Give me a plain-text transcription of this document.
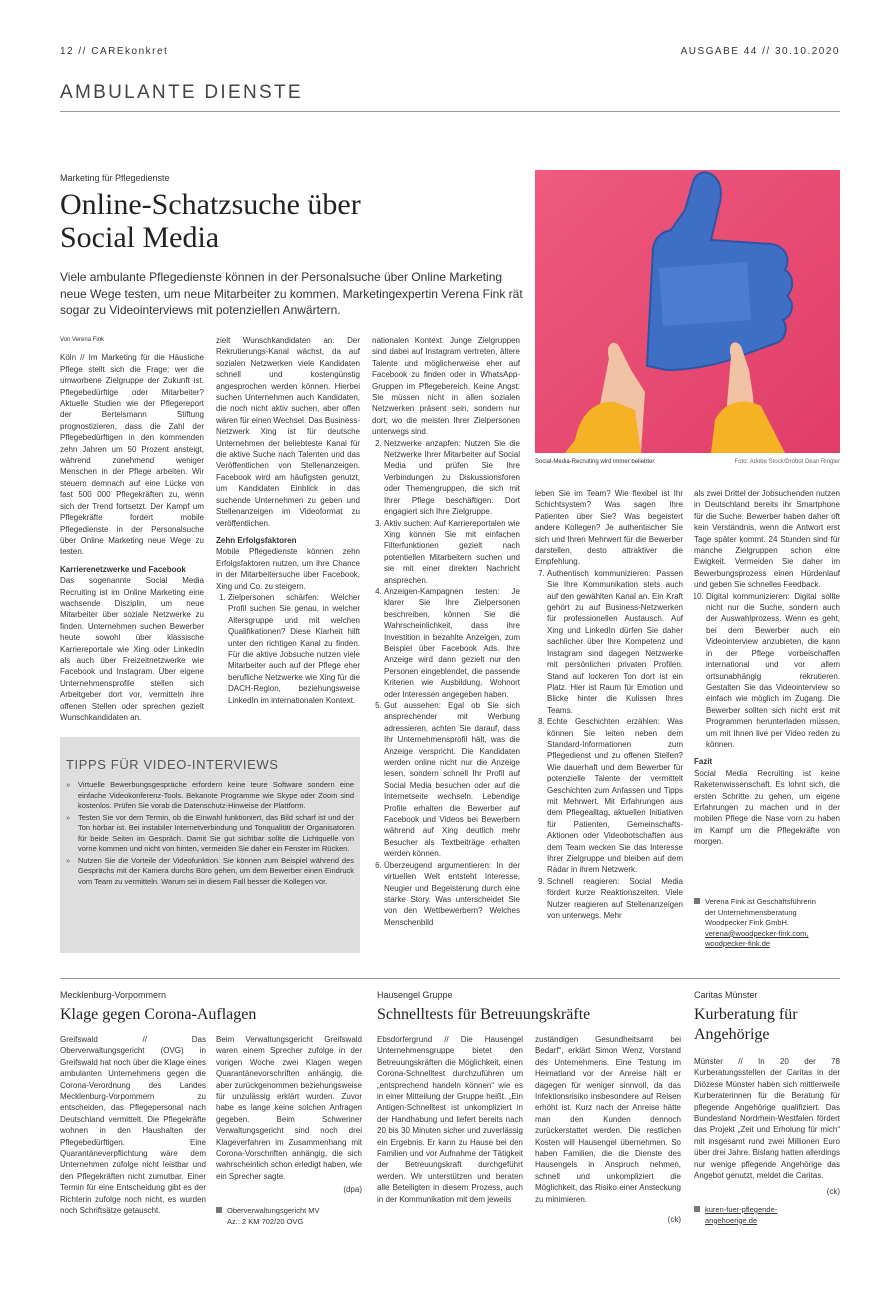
12 // CAREkonkret	AUSGABE 44 // 30.10.2020
AMBULANTE DIENSTE
Marketing für Pflegedienste
Online-Schatzsuche über
Social Media
Viele ambulante Pflegedienste können in der Personalsuche über Online Marketing neue Wege testen, um neue Mitarbeiter zu kommen. Marketingexpertin Verena Fink rät sogar zu Videointerviews mit potenziellen Anwärtern.
Social-Media-Recruiting wird immer beliebter.	Foto: Adobe Stock/Drobot Dean Ringler

Von Verena Fink

Köln // Im Marketing für die Häusliche Pflege stellt sich die Frage: wer die umworbene Zielgruppe der Zukunft ist. Pflegebedürftige oder Mitarbeiter? Aktuelle Studien wie der Pflegereport der Bertelsmann Stiftung prognostizieren, dass die Zahl der Pflegebedürftigen in den kommenden zehn Jahren um 50 Prozent ansteigt, während zunehmend weniger Menschen in der Pflege arbeiten. Wir steuern demnach auf eine Lücke von fast 500 000 Pflegekräften zu, wenn sich der Trend fortsetzt. Der Kampf um Pflegekräfte fordert mobile Pflegedienste in der Personalsuche über Online Marketing neue Wege zu testen.

Karrierenetzwerke und Facebook

Das sogenannte Social Media Recruiting ist im Online Marketing eine wachsende Disziplin, um neue Mitarbeiter über soziale Netzwerke zu finden. Unternehmen suchen Bewerber heute sowohl über klassische Karriereportale wie Xing oder LinkedIn als auch über Freizeitnetzwerke wie Facebook und Instagram. Über eigene Unternehmensprofile stellen sich Arbeitgeber dort vor, vermitteln ihre offenen Stellen oder sprechen gezielt Wunschkandidaten an.

zielt Wunschkandidaten an. Der Rekrutierungs-Kanal wächst, da auf sozialen Netzwerken viele Kandidaten schnell und kostengünstig angesprochen werden können. Hierbei suchen Unternehmen auch Kandidaten, die noch nicht aktiv suchen, aber offen wären für einen Wechsel. Das Business-Netzwerk Xing ist für deutsche Unternehmen der beliebteste Kanal für die aktive Suche nach Talenten und das Veröffentlichen von Stellenanzeigen. Facebook wird am häufigsten genutzt, um Kandidaten Einblick in das suchende Unternehmen zu geben und Stellenanzeigen im Videoformat zu veröffentlichen.

Zehn Erfolgsfaktoren

Mobile Pflegedienste können zehn Erfolgsfaktoren nutzen, um ihre Chance in der Mitarbeitersuche über Facebook, Xing und Co. zu steigern.

1. Zielpersonen schärfen: Welcher Profil suchen Sie genau, in welcher Altersgruppe und mit welchen Qualifikationen? Diese Klarheit hilft unter den richtigen Kanal zu finden. Für die aktive Jobsuche nutzen viele Mitarbeiter auch auf der Pflege eher berufliche Netzwerke wie Xing für die DACH-Region, beziehungsweise LinkedIn im internationalen Kontext.
TIPPS FÜR VIDEO-INTERVIEWS
» Virtuelle Bewerbungsgespräche erfordern keine teure Software sondern eine einfache Videokonferenz-Tools. Bekannte Programme wie Skype oder Zoom sind kostenlos. Prüfen Sie vorab die Datenschutz-Hinweise der Plattform.
» Testen Sie vor dem Termin, ob die Einwahl funktioniert, das Bild scharf ist und der Ton hörbar ist. Bei instabiler Internetverbindung und Tonqualität der Organisatoren für beide Seiten im Gespräch. Damit Sie gut sichtbar sollte die Lichtquelle von vorne kommen und nicht von hinten, vermeiden Sie daher ein Fenster im Rücken.
» Nutzen Sie die Vorteile der Videofunktion. Sie können zum Beispiel während des Gesprächs mit der Kamera durchs Büro gehen, um dem Bewerber einen Eindruck vom Team zu vermitteln. Warum sei in diesem Fall besser die Kollegen vor.

nationalen Kontext. Junge Zielgruppen sind dabei auf Instagram vertreten, ältere Talente und möglicherweise eher auf Facebook zu finden oder in WhatsApp-Gruppen im Pflegebereich. Keine Angst: Sie müssen nicht in allen sozialen Netzwerken präsent sein, sondern nur dort, wo die meisten Ihrer Zielpersonen unterwegs sind.

2. Netzwerke anzapfen: Nutzen Sie die Netzwerke Ihrer Mitarbeiter auf Social Media und prüfen Sie Ihre Verbindungen zu Diskussionsforen oder Themengruppen, die sich mit Ihrer Pflege beschäftigen. Dort engagiert sich Ihre Zielgruppe.
3. Aktiv suchen: Auf Karriereportalen wie Xing können Sie mit einfachen Filterfunktionen gezielt nach potentiellen Mitarbeitern suchen und sie mit einer direkten Nachricht ansprechen.
4. Anzeigen-Kampagnen testen: Je klarer Sie Ihre Zielpersonen beschreiben, können Sie die Wahrscheinlichkeit, dass ihre Investition in bezahlte Anzeigen, zum Beispiel über Facebook Ads. Ihre Anzeige wird dann gezielt nur den Personen eingeblendet, die passende Kriterien wie Ausbildung, Wohnort oder Interessen angegeben haben.
5. Gut aussehen: Egal ob Sie sich ansprechender mit Werbung adressieren, achten Sie darauf, dass Ihr Unternehmensprofil hält, was die Anzeige verspricht. Die Kandidaten werden online nicht nur die Anzeige lesen, sondern schnell Ihr Profil auf Social Media besuchen oder auf die Internetseite wechseln. Lebendige Profile erhalten die Bewerber auf Facebook und Videos bei Bewerbern während auf Xing deutlich mehr Besucher als Textbeiträge erhalten werden können.
6. Überzeugend argumentieren: In der virtuellen Welt entsteht Interesse, Neugier und Begeisterung durch eine starke Story. Was unterscheidet Sie von den Wettbewerbern? Welches Menschenbild

leben Sie im Team? Wie flexibel ist Ihr Schichtsystem? Was sagen Ihre Patienten über Sie? Was begeistert andere Kollegen? Je authentischer Sie sich und Ihren Mehrwert für die Bewerber darstellen, desto attraktiver die Empfehlung.

7. Authentisch kommunizieren: Passen Sie Ihre Kommunikation stets auch auf den gewählten Kanal an. Ein Kraft gehört zu auf Business-Netzwerken für professionellen Austausch. Auf Xing und LinkedIn dürfen Sie daher sachlicher über Ihre Kompetenz und Instagram sind dagegen Netzwerke mit persönlichen privaten Profilen. Stand auf lockeren Ton dort ist ein Platz. Hier ist Raum für Emotion und Blicke hinter die Kulissen Ihres Teams.
8. Echte Geschichten erzählen: Was können Sie leiten neben dem Standard-Informationen zum Pflegedienst und zu offenen Stellen? Wie dauerhaft und dem Bewerber für potenzielle Talente der vermittelt Geschichten zum Anfassen und Tipps mit Mehrwert. Mit Erfahrungen aus dem Pflegealltag, aktuellen Initiativen für Patienten, Gemeinschafts-Aktionen oder Videobotschaften aus dem Team wecken Sie das Interesse Ihrer Zielgruppe und bleiben auf dem Radar in ihrem Netzwerk.
9. Schnell reagieren: Social Media fördert kurze Reaktionszeiten. Viele Nutzer reagieren auf Stellenanzeigen von unterwegs. Mehr

als zwei Drittel der Jobsuchenden nutzen in Deutschland bereits ihr Smartphone für die Suche. Bewerber haben daher oft kein Verständnis, wenn die Antwort erst Tage später kommt. 24 Stunden sind für manche Zielgruppen schon eine Ewigkeit. Vermeiden Sie daher im Bewerbungsprozess einen Hürdenlauf und geben Sie schnelles Feedback.

10. Digital kommunizieren: Digital sollte nicht nur die Suche, sondern auch der Auswahlprozess. Wenn es geht, bei dem Bewerber auch ein Videointerview anzubieten, die kann in der Pflege vorbeischaffen international und vor allem ortsunabhängig rekrutieren. Gestalten Sie das Videointerview so einfach wie möglich im Zugang. Die Bewerber sollten sich nicht erst mit Programmen herunterladen müssen, um mit Ihnen live per Video reden zu können.

Fazit

Social Media Recruiting ist keine Raketenwissenschaft. Es lohnt sich, die ersten Schritte zu gehen, um eigene Erfahrungen zu machen und in der mobilen Pflege die Nase vorn zu haben im Kampf um die Pflegekräfte von morgen.

Verena Fink ist Geschäftsführerin
der Unternehmensberatung
Woodpecker Fink GmbH.
verena@woodpecker-fink.com,
woodpecker-fink.de
Mecklenburg-Vorpommern
Klage gegen Corona-Auflagen
Greifswald // Das Oberverwaltungsgericht (OVG) in Greifswald hat noch über die Klage eines ambulanten Unternehmens gegen die Corona-Verordnung des Landes Mecklenburg-Vorpommern zu entscheiden, das Pflegepersonal nach Deutschland vermittelt. Die Pflegekräfte wohnen in den Haushalten der Pflegebedürftigen. Eine Quarantäneverpflichtung wäre dem Unternehmen zufolge nicht leistbar und den Pflegekräften nicht zumutbar. Einer Termin für eine Entscheidung gibt es der Richterin zufolge noch nicht, es wurden noch Schriftsätze getauscht.

Beim Verwaltungsgericht Greifswald waren einem Sprecher zufolge in der vorigen Woche zwei Klagen wegen Quarantänevorschriften anhängig, die aber zurückgenommen beziehungsweise für unzulässig erklärt wurden. Zuvor habe es lange keine solchen Anfragen gegeben. Beim Schweriner Verwaltungsgericht sind noch drei Klageverfahren im Zusammenhang mit Corona-Vorschriften anhängig, die sich wahrscheinlich schon erledigt haben, wie ein Sprecher sagte.

(dpa)
Oberverwaltungsgericht MV
Az.: 2 KM 702/20 OVG
Hausengel Gruppe
Schnelltests für Betreuungskräfte
Ebsdorfergrund // Die Hausengel Unternehmensgruppe bietet den Betreuungskräften die Möglichkeit, einen Corona-Schnelltest durchzuführen um „entsprechend handeln können“ wie es in einer Mitteilung der Gruppe heißt. „Ein Antigen-Schnelltest ist unkompliziert in der Handhabung und liefert bereits nach 20 bis 30 Minuten sicher und zuverlässig ein Ergebnis. Er kann zu Hause bei den Familien und vor Aufnahme der Tätigkeit der Betreuungskraft durchgeführt werden. Wir unterstützen und beraten alle Beteiligten in diesem Prozess, auch in der Kommunikation mit dem jeweils
zuständigen Gesundheitsamt bei Bedarf“, erklärt Simon Wenz, Vorstand des Unternehmens. Eine Testung im Heimatland vor der Anreise hält er dagegen für weniger sinnvoll, da das Infektionsrisiko insbesondere auf Reisen erhöht ist. Kurz nach der Anreise hätte man den Kunden dennoch zurückerstattet werden. Die restlichen Kosten will Hausengel übernehmen. So haben Familien, die die Dienste des Hausengels in Anspruch nehmen, schnell und unkompliziert die Möglichkeit, das Risiko einer Ansteckung zu minimieren.
(ck)
Caritas Münster
Kurberatung für
Angehörige
Münster // In 20 der 78 Kurberatungsstellen der Caritas in der Diözese Münster haben sich mittlerweile Kurberaterinnen für die Beratung für pflegende Angehörige qualifiziert. Das Bundesland Nordrhein-Westfalen fördert das Projekt „Zeit und Erholung für mich“ mit insgesamt rund zwei Millionen Euro über drei Jahre. Bislang hatten allerdings nur wenige pflegende Angehörige das Angebot genutzt, meldet die Caritas.
(ck)
kuren-fuer-pflegende-
angehoerige.de
